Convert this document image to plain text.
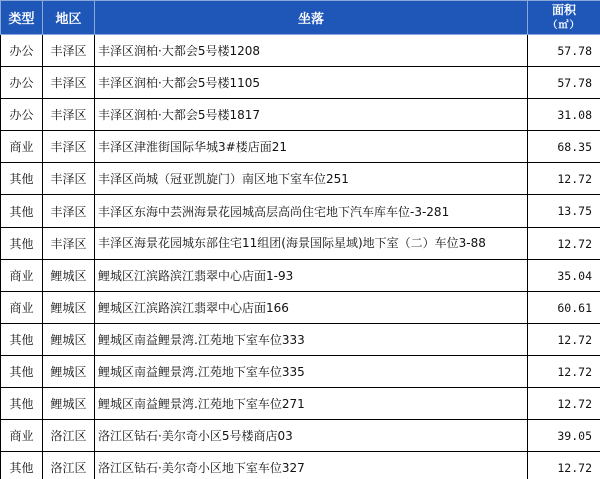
类型	地区	坐落	面积
（㎡）
办公	丰泽区	丰泽区润柏·大都会5号楼1208	57.78
办公	丰泽区	丰泽区润柏·大都会5号楼1105	57.78
办公	丰泽区	丰泽区润柏·大都会5号楼1817	31.08
商业	丰泽区	丰泽区津淮街国际华城3#楼店面21	68.35
其他	丰泽区	丰泽区尚城（冠亚凯旋门）南区地下室车位251	12.72
其他	丰泽区	丰泽区东海中芸洲海景花园城高层高尚住宅地下汽车库车位-3-281	13.75
其他	丰泽区	丰泽区海景花园城东部住宅11组团(海景国际星域)地下室（二）车位3-88	12.72
商业	鲤城区	鲤城区江滨路滨江翡翠中心店面1-93	35.04
商业	鲤城区	鲤城区江滨路滨江翡翠中心店面166	60.61
其他	鲤城区	鲤城区南益鲤景湾.江苑地下室车位333	12.72
其他	鲤城区	鲤城区南益鲤景湾.江苑地下室车位335	12.72
其他	鲤城区	鲤城区南益鲤景湾.江苑地下室车位271	12.72
商业	洛江区	洛江区钻石·美尔奇小区5号楼商店03	39.05
其他	洛江区	洛江区钻石·美尔奇小区地下室车位327	12.72
